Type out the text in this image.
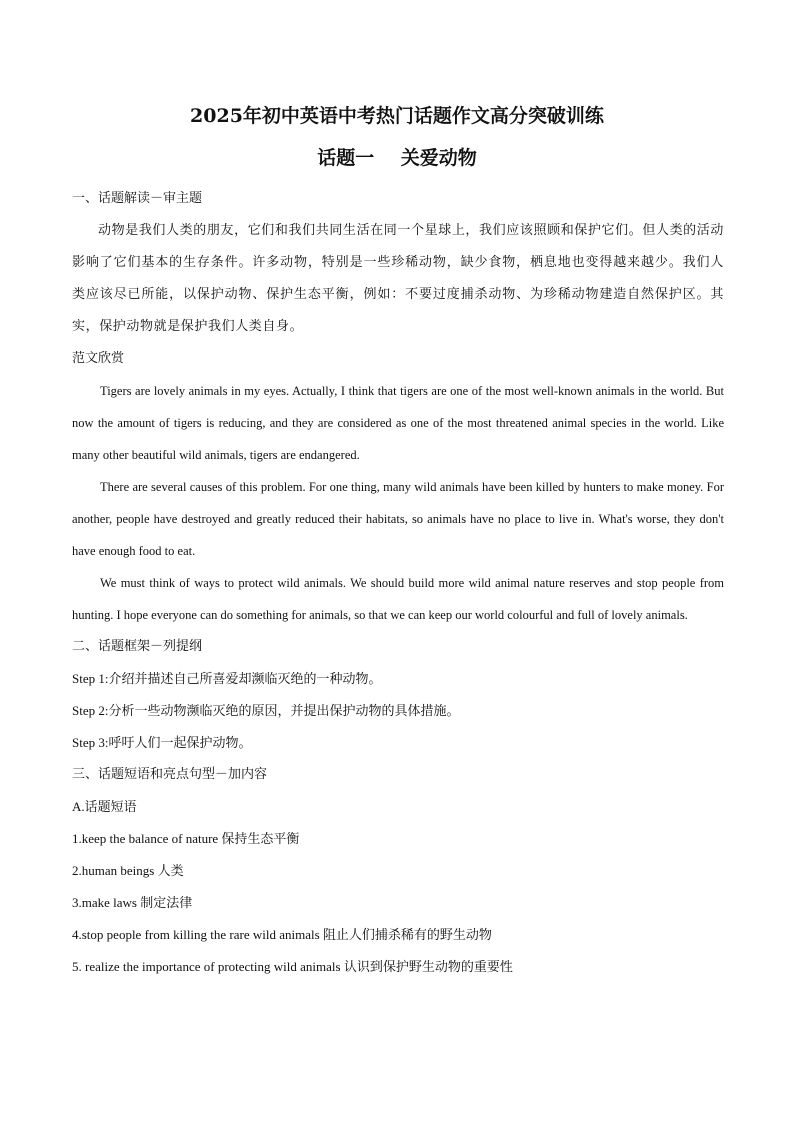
2025年初中英语中考热门话题作文高分突破训练
话题一    关爱动物

一、话题解读－审主题

动物是我们人类的朋友，它们和我们共同生活在同一个星球上，我们应该照顾和保护它们。但人类的活动影响了它们基本的生存条件。许多动物，特别是一些珍稀动物，缺少食物，栖息地也变得越来越少。我们人类应该尽已所能，以保护动物、保护生态平衡，例如：不要过度捕杀动物、为珍稀动物建造自然保护区。其实，保护动物就是保护我们人类自身。

范文欣赏

Tigers are lovely animals in my eyes. Actually, I think that tigers are one of the most well-known animals in the world. But now the amount of tigers is reducing, and they are considered as one of the most threatened animal species in the world. Like many other beautiful wild animals, tigers are endangered.

There are several causes of this problem. For one thing, many wild animals have been killed by hunters to make money. For another, people have destroyed and greatly reduced their habitats, so animals have no place to live in. What's worse, they don't have enough food to eat.

We must think of ways to protect wild animals. We should build more wild animal nature reserves and stop people from hunting. I hope everyone can do something for animals, so that we can keep our world colourful and full of lovely animals.

二、话题框架－列提纲

Step 1:介绍并描述自己所喜爱却濒临灭绝的一种动物。

Step 2:分析一些动物濒临灭绝的原因，并提出保护动物的具体措施。

Step 3:呼吁人们一起保护动物。

三、话题短语和亮点句型－加内容

A.话题短语

1.keep the balance of nature 保持生态平衡

2.human beings 人类

3.make laws 制定法律

4.stop people from killing the rare wild animals 阻止人们捕杀稀有的野生动物

5. realize the importance of protecting wild animals 认识到保护野生动物的重要性
